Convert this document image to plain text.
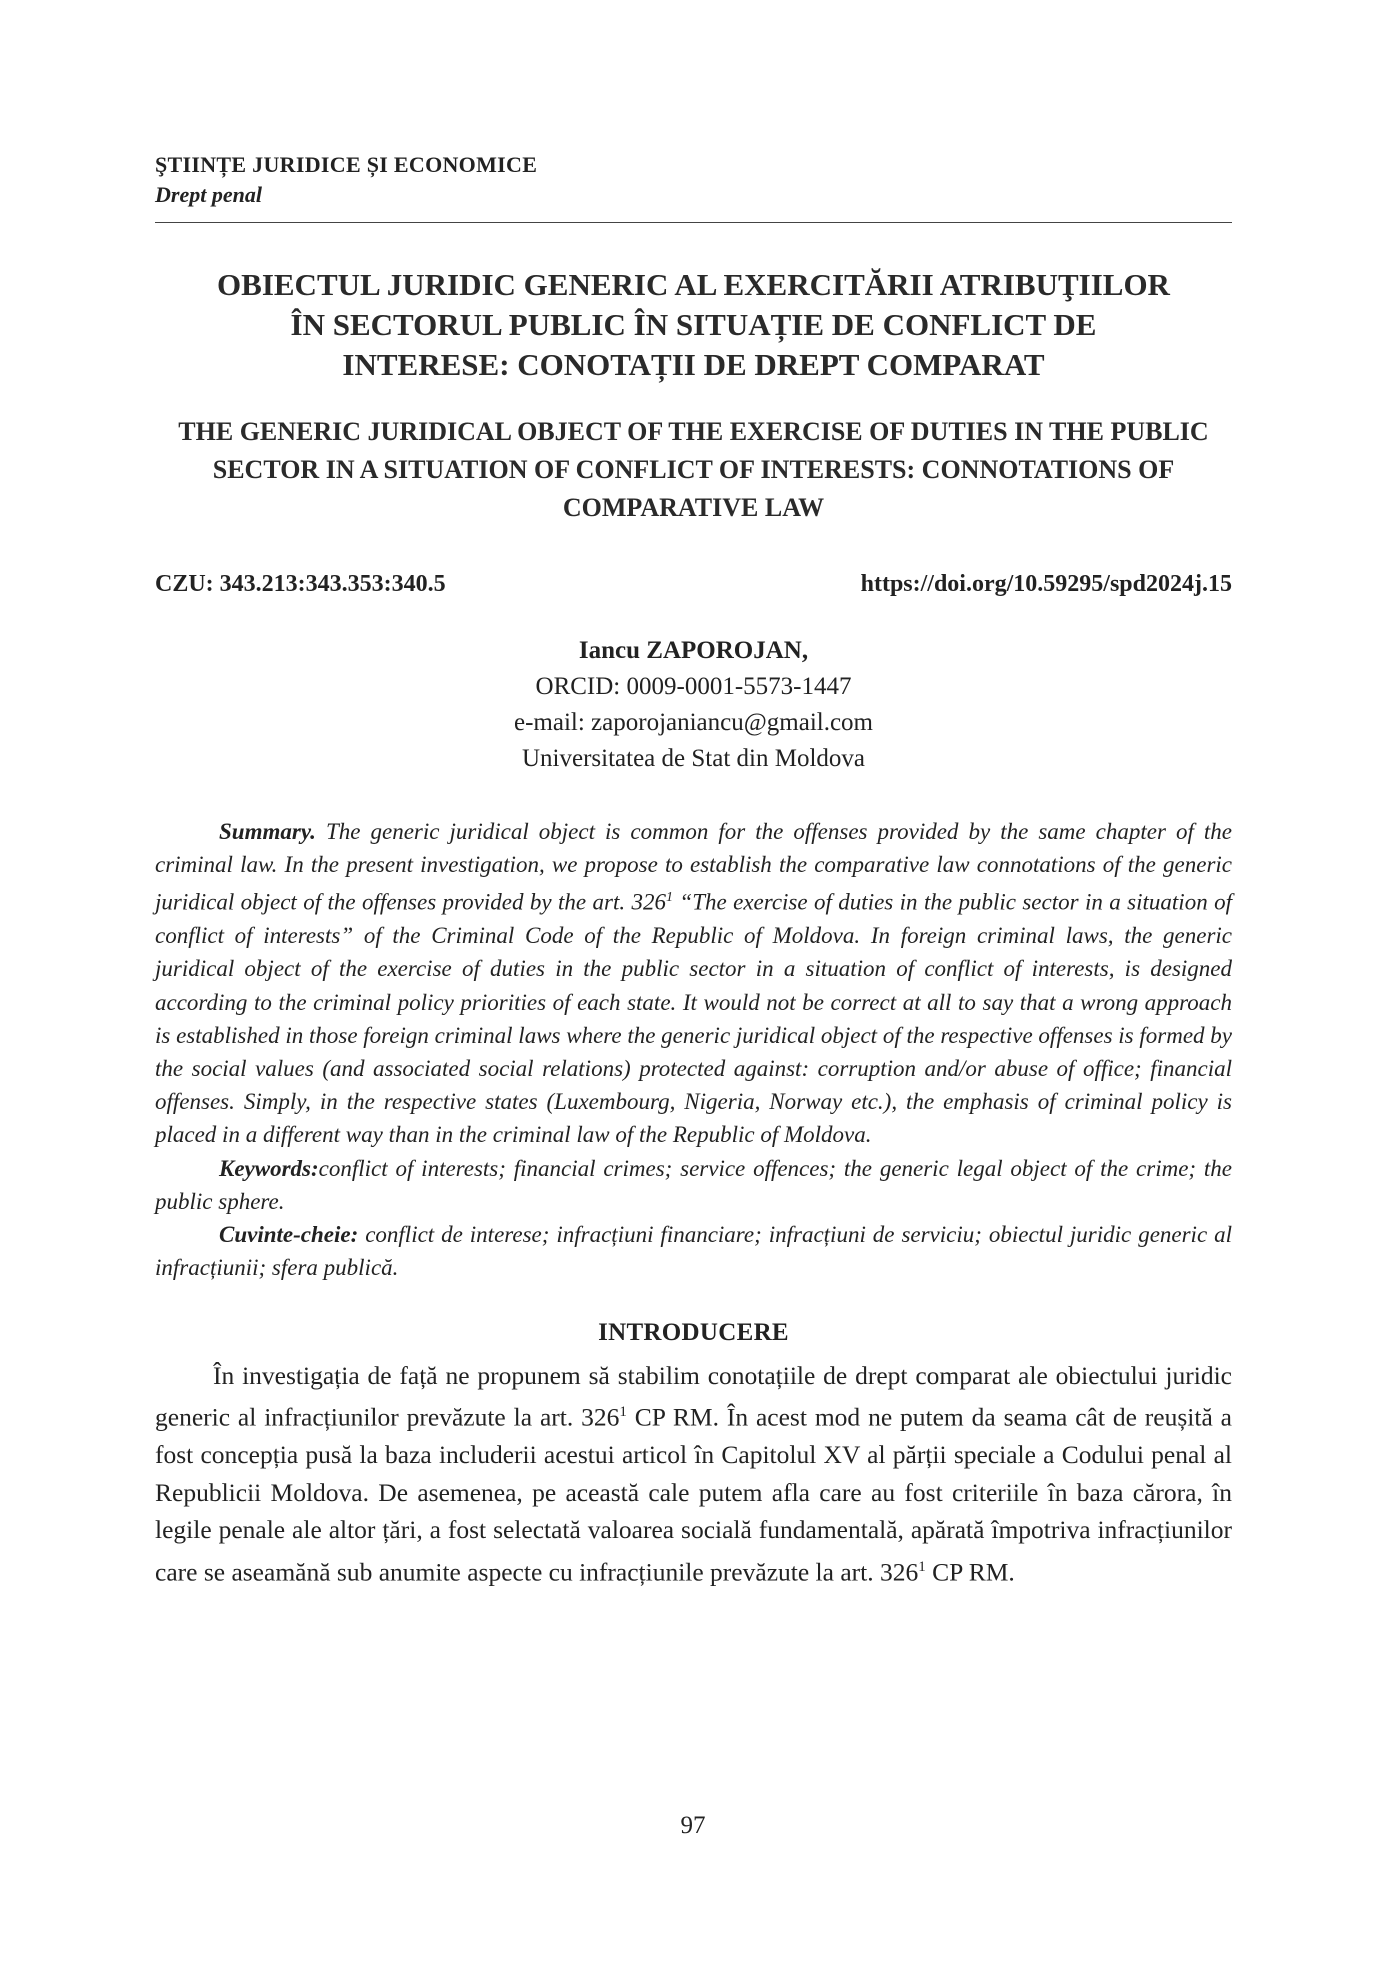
ŞTIINȚE JURIDICE ȘI ECONOMICE

Drept penal

OBIECTUL JURIDIC GENERIC AL EXERCITĂRII ATRIBUŢIILOR ÎN SECTORUL PUBLIC ÎN SITUAȚIE DE CONFLICT DE INTERESE: CONOTAȚII DE DREPT COMPARAT
THE GENERIC JURIDICAL OBJECT OF THE EXERCISE OF DUTIES IN THE PUBLIC SECTOR IN A SITUATION OF CONFLICT OF INTERESTS: CONNOTATIONS OF COMPARATIVE LAW
CZU: 343.213:343.353:340.5	https://doi.org/10.59295/spd2024j.15
Iancu ZAPOROJAN,
ORCID: 0009-0001-5573-1447
e-mail: zaporojaniancu@gmail.com
Universitatea de Stat din Moldova

Summary. The generic juridical object is common for the offenses provided by the same chapter of the criminal law. In the present investigation, we propose to establish the comparative law connotations of the generic juridical object of the offenses provided by the art. $326^1$ “The exercise of duties in the public sector in a situation of conflict of interests” of the Criminal Code of the Republic of Moldova. In foreign criminal laws, the generic juridical object of the exercise of duties in the public sector in a situation of conflict of interests, is designed according to the criminal policy priorities of each state. It would not be correct at all to say that a wrong approach is established in those foreign criminal laws where the generic juridical object of the respective offenses is formed by the social values (and associated social relations) protected against: corruption and/or abuse of office; financial offenses. Simply, in the respective states (Luxembourg, Nigeria, Norway etc.), the emphasis of criminal policy is placed in a different way than in the criminal law of the Republic of Moldova.

Keywords:conflict of interests; financial crimes; service offences; the generic legal object of the crime; the public sphere.

Cuvinte-cheie: conflict de interese; infracțiuni financiare; infracțiuni de serviciu; obiectul juridic generic al infracțiunii; sfera publică.

INTRODUCERE

În investigația de față ne propunem să stabilim conotațiile de drept comparat ale obiectului juridic generic al infracțiunilor prevăzute la art. $326^1$ CP RM. În acest mod ne putem da seama cât de reușită a fost concepția pusă la baza includerii acestui articol în Capitolul XV al părții speciale a Codului penal al Republicii Moldova. De asemenea, pe această cale putem afla care au fost criteriile în baza cărora, în legile penale ale altor țări, a fost selectată valoarea socială fundamentală, apărată împotriva infracțiunilor care se aseamănă sub anumite aspecte cu infracțiunile prevăzute la art. $326^1$ CP RM.

97
